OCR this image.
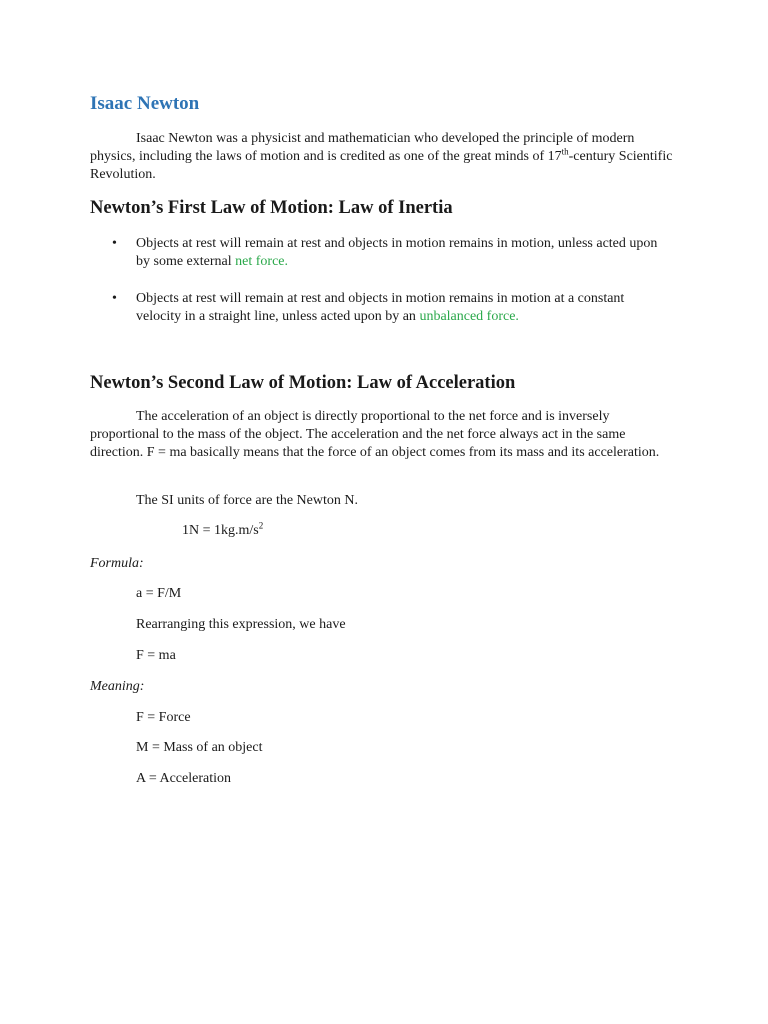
Isaac Newton

Isaac Newton was a physicist and mathematician who developed the principle of modern physics, including the laws of motion and is credited as one of the great minds of 17th-century Scientific Revolution.

Newton’s First Law of Motion: Law of Inertia
• Objects at rest will remain at rest and objects in motion remains in motion, unless acted upon by some external net force.
• Objects at rest will remain at rest and objects in motion remains in motion at a constant velocity in a straight line, unless acted upon by an unbalanced force.
Newton’s Second Law of Motion: Law of Acceleration

The acceleration of an object is directly proportional to the net force and is inversely proportional to the mass of the object. The acceleration and the net force always act in the same direction. F = ma basically means that the force of an object comes from its mass and its acceleration.

The SI units of force are the Newton N.

$1N = 1kg.m/s^2$

Formula:

a = F/M

Rearranging this expression, we have

F = ma

Meaning:

F = Force

M = Mass of an object

A = Acceleration
